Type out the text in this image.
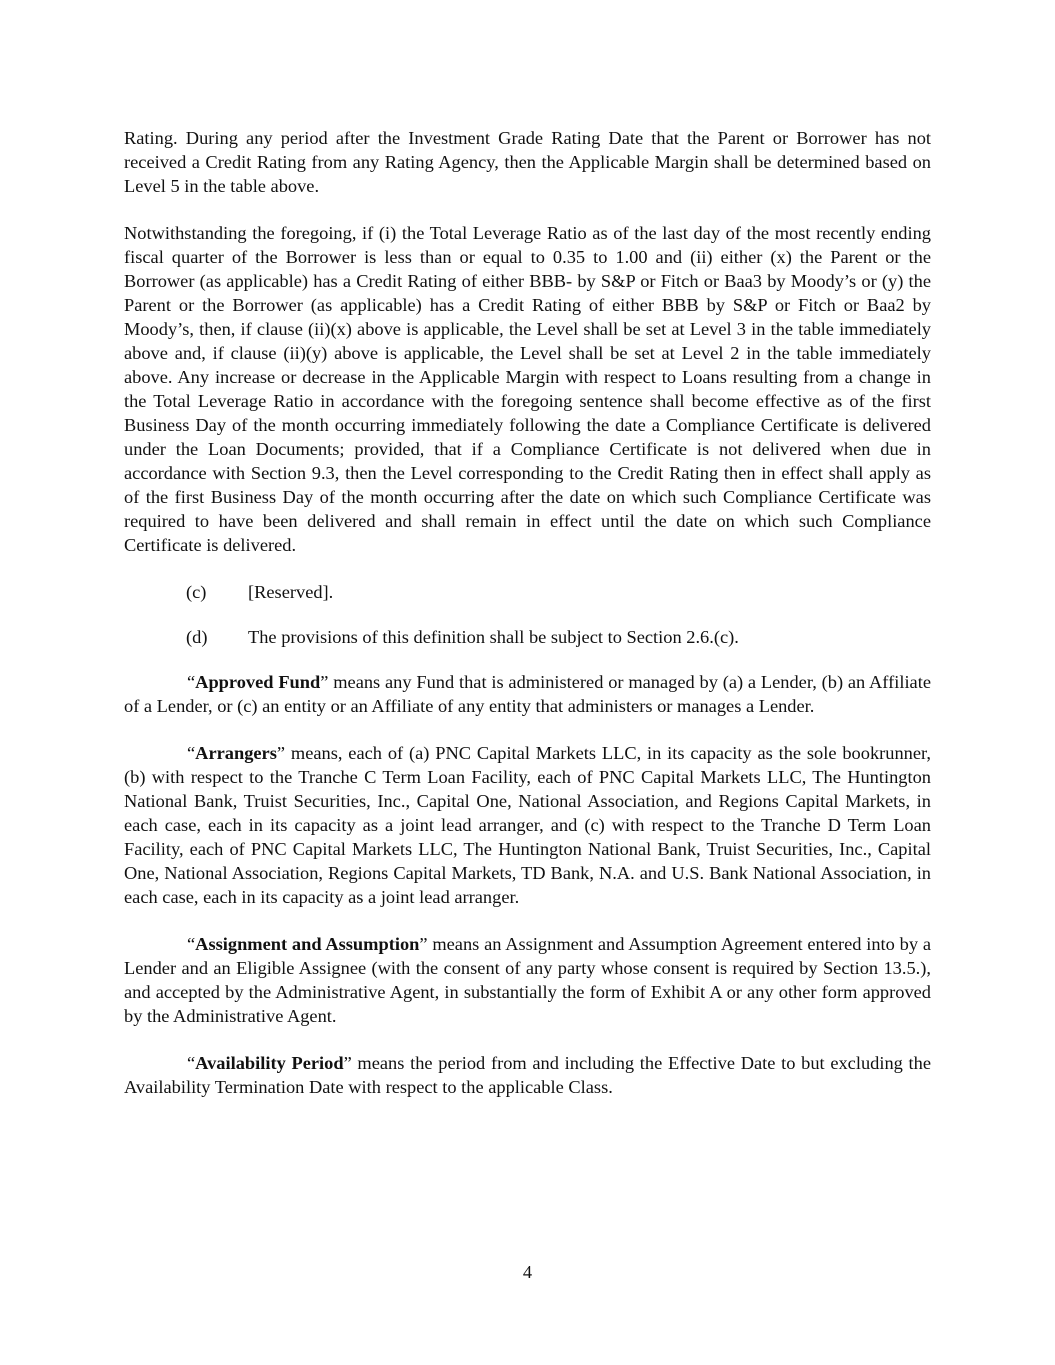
Rating. During any period after the Investment Grade Rating Date that the Parent or Borrower has not received a Credit Rating from any Rating Agency, then the Applicable Margin shall be determined based on Level 5 in the table above.

Notwithstanding the foregoing, if (i) the Total Leverage Ratio as of the last day of the most recently ending fiscal quarter of the Borrower is less than or equal to 0.35 to 1.00 and (ii) either (x) the Parent or the Borrower (as applicable) has a Credit Rating of either BBB- by S&P or Fitch or Baa3 by Moody’s or (y) the Parent or the Borrower (as applicable) has a Credit Rating of either BBB by S&P or Fitch or Baa2 by Moody’s, then, if clause (ii)(x) above is applicable, the Level shall be set at Level 3 in the table immediately above and, if clause (ii)(y) above is applicable, the Level shall be set at Level 2 in the table immediately above. Any increase or decrease in the Applicable Margin with respect to Loans resulting from a change in the Total Leverage Ratio in accordance with the foregoing sentence shall become effective as of the first Business Day of the month occurring immediately following the date a Compliance Certificate is delivered under the Loan Documents; provided, that if a Compliance Certificate is not delivered when due in accordance with Section 9.3, then the Level corresponding to the Credit Rating then in effect shall apply as of the first Business Day of the month occurring after the date on which such Compliance Certificate was required to have been delivered and shall remain in effect until the date on which such Compliance Certificate is delivered.

(c)	[Reserved].
(d)	The provisions of this definition shall be subject to Section 2.6.(c).

“Approved Fund” means any Fund that is administered or managed by (a) a Lender, (b) an Affiliate of a Lender, or (c) an entity or an Affiliate of any entity that administers or manages a Lender.

“Arrangers” means, each of (a) PNC Capital Markets LLC, in its capacity as the sole bookrunner, (b) with respect to the Tranche C Term Loan Facility, each of PNC Capital Markets LLC, The Huntington National Bank, Truist Securities, Inc., Capital One, National Association, and Regions Capital Markets, in each case, each in its capacity as a joint lead arranger, and (c) with respect to the Tranche D Term Loan Facility, each of PNC Capital Markets LLC, The Huntington National Bank, Truist Securities, Inc., Capital One, National Association, Regions Capital Markets, TD Bank, N.A. and U.S. Bank National Association, in each case, each in its capacity as a joint lead arranger.

“Assignment and Assumption” means an Assignment and Assumption Agreement entered into by a Lender and an Eligible Assignee (with the consent of any party whose consent is required by Section 13.5.), and accepted by the Administrative Agent, in substantially the form of Exhibit A or any other form approved by the Administrative Agent.

“Availability Period” means the period from and including the Effective Date to but excluding the Availability Termination Date with respect to the applicable Class.

4
